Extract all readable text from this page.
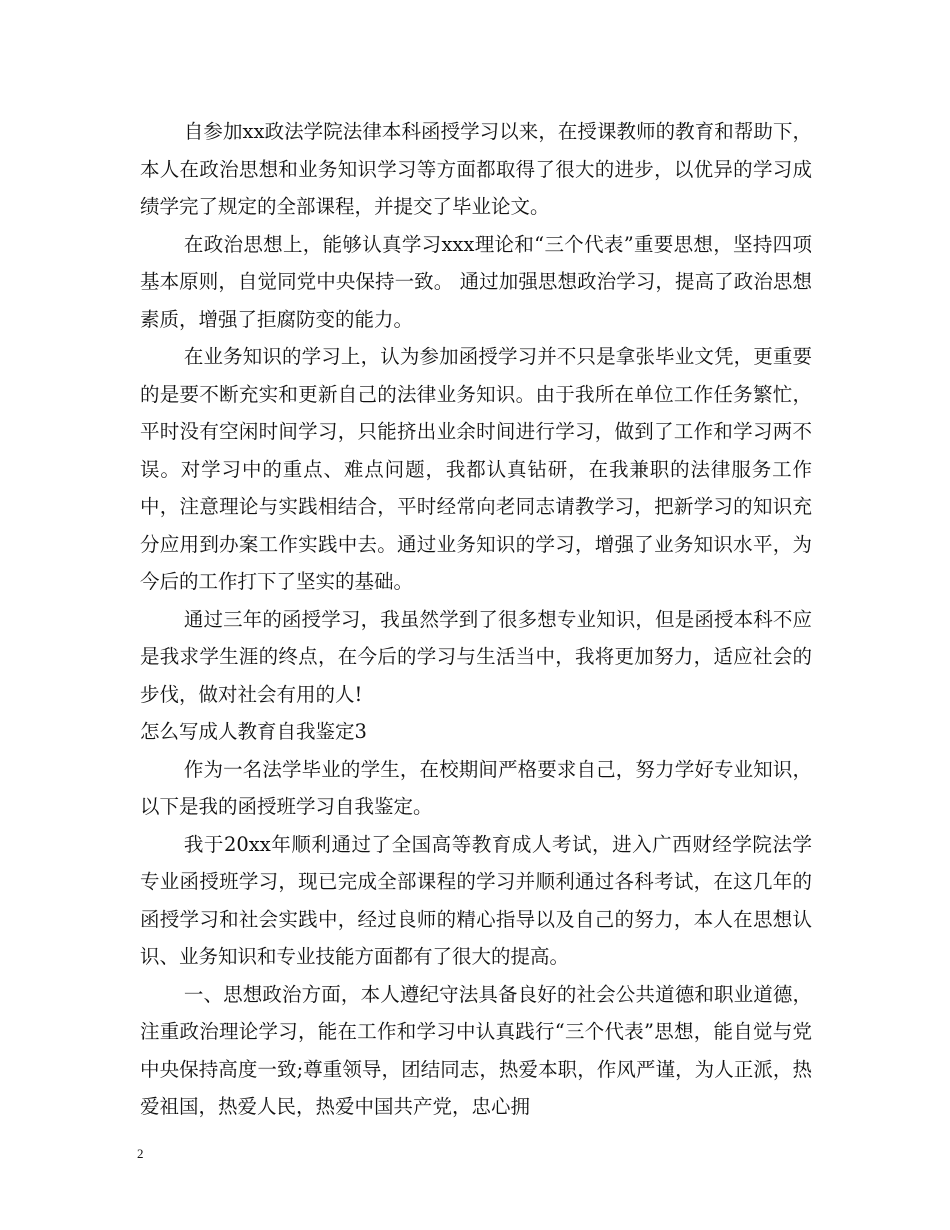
自参加xx政法学院法律本科函授学习以来，在授课教师的教育和帮助下，本人在政治思想和业务知识学习等方面都取得了很大的进步，以优异的学习成绩学完了规定的全部课程，并提交了毕业论文。

在政治思想上，能够认真学习xxx理论和“三个代表”重要思想，坚持四项基本原则，自觉同党中央保持一致。 通过加强思想政治学习，提高了政治思想素质，增强了拒腐防变的能力。

在业务知识的学习上，认为参加函授学习并不只是拿张毕业文凭，更重要的是要不断充实和更新自己的法律业务知识。由于我所在单位工作任务繁忙，平时没有空闲时间学习，只能挤出业余时间进行学习，做到了工作和学习两不误。对学习中的重点、难点问题，我都认真钻研，在我兼职的法律服务工作中，注意理论与实践相结合，平时经常向老同志请教学习，把新学习的知识充分应用到办案工作实践中去。通过业务知识的学习，增强了业务知识水平，为今后的工作打下了坚实的基础。

通过三年的函授学习，我虽然学到了很多想专业知识，但是函授本科不应是我求学生涯的终点，在今后的学习与生活当中，我将更加努力，适应社会的步伐，做对社会有用的人!

怎么写成人教育自我鉴定3

作为一名法学毕业的学生，在校期间严格要求自己，努力学好专业知识，以下是我的函授班学习自我鉴定。

我于20xx年顺利通过了全国高等教育成人考试，进入广西财经学院法学专业函授班学习，现已完成全部课程的学习并顺利通过各科考试，在这几年的函授学习和社会实践中，经过良师的精心指导以及自己的努力，本人在思想认识、业务知识和专业技能方面都有了很大的提高。

一、思想政治方面，本人遵纪守法具备良好的社会公共道德和职业道德，注重政治理论学习，能在工作和学习中认真践行“三个代表”思想，能自觉与党中央保持高度一致;尊重领导，团结同志，热爱本职，作风严谨，为人正派，热爱祖国，热爱人民，热爱中国共产党，忠心拥

2
